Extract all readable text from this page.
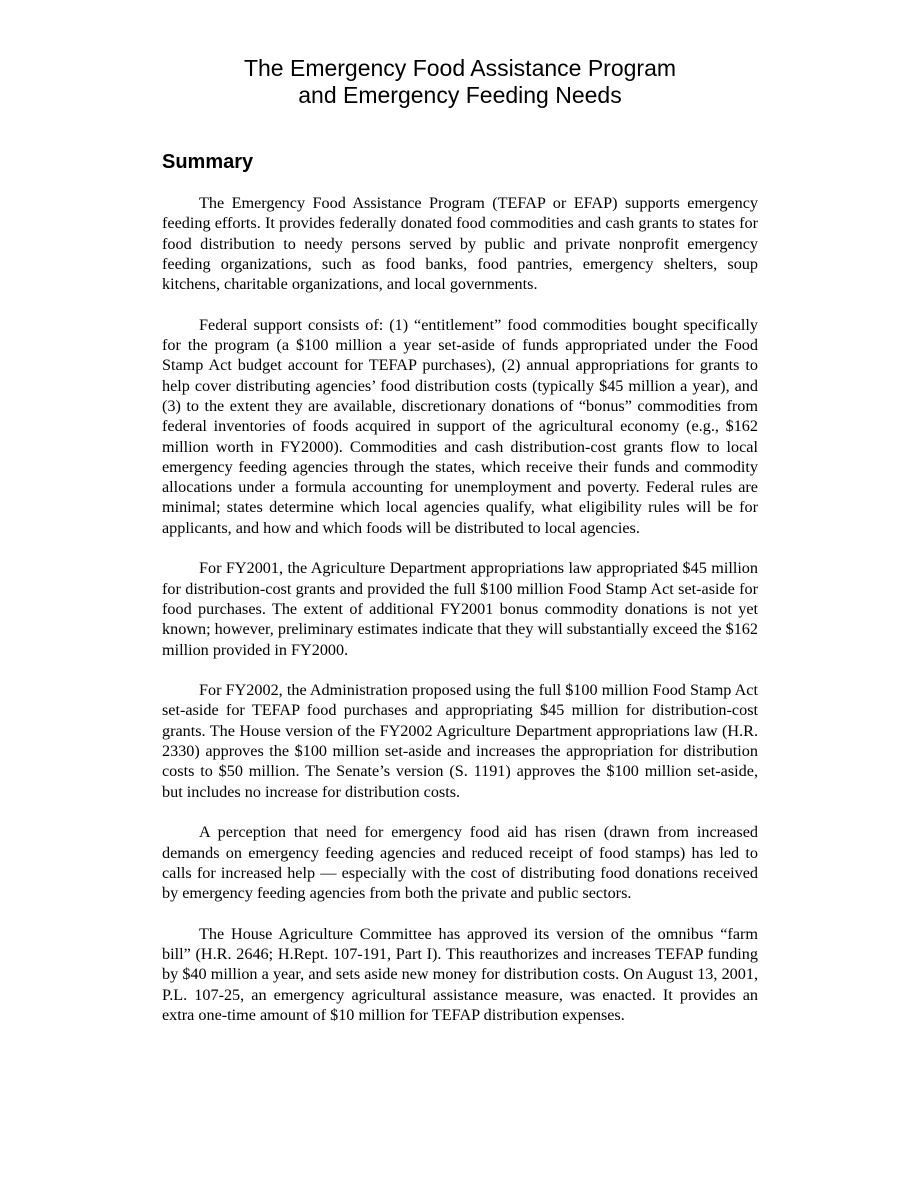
The Emergency Food Assistance Program
and Emergency Feeding Needs
Summary

The Emergency Food Assistance Program (TEFAP or EFAP) supports emergency feeding efforts. It provides federally donated food commodities and cash grants to states for food distribution to needy persons served by public and private nonprofit emergency feeding organizations, such as food banks, food pantries, emergency shelters, soup kitchens, charitable organizations, and local governments.

Federal support consists of: (1) “entitlement” food commodities bought specifically for the program (a $100 million a year set-aside of funds appropriated under the Food Stamp Act budget account for TEFAP purchases), (2) annual appropriations for grants to help cover distributing agencies’ food distribution costs (typically $45 million a year), and (3) to the extent they are available, discretionary donations of “bonus” commodities from federal inventories of foods acquired in support of the agricultural economy (e.g., $162 million worth in FY2000). Commodities and cash distribution-cost grants flow to local emergency feeding agencies through the states, which receive their funds and commodity allocations under a formula accounting for unemployment and poverty. Federal rules are minimal; states determine which local agencies qualify, what eligibility rules will be for applicants, and how and which foods will be distributed to local agencies.

For FY2001, the Agriculture Department appropriations law appropriated $45 million for distribution-cost grants and provided the full $100 million Food Stamp Act set-aside for food purchases. The extent of additional FY2001 bonus commodity donations is not yet known; however, preliminary estimates indicate that they will substantially exceed the $162 million provided in FY2000.

For FY2002, the Administration proposed using the full $100 million Food Stamp Act set-aside for TEFAP food purchases and appropriating $45 million for distribution-cost grants. The House version of the FY2002 Agriculture Department appropriations law (H.R. 2330) approves the $100 million set-aside and increases the appropriation for distribution costs to $50 million. The Senate’s version (S. 1191) approves the $100 million set-aside, but includes no increase for distribution costs.

A perception that need for emergency food aid has risen (drawn from increased demands on emergency feeding agencies and reduced receipt of food stamps) has led to calls for increased help — especially with the cost of distributing food donations received by emergency feeding agencies from both the private and public sectors.

The House Agriculture Committee has approved its version of the omnibus “farm bill” (H.R. 2646; H.Rept. 107-191, Part I). This reauthorizes and increases TEFAP funding by $40 million a year, and sets aside new money for distribution costs. On August 13, 2001, P.L. 107-25, an emergency agricultural assistance measure, was enacted. It provides an extra one-time amount of $10 million for TEFAP distribution expenses.
